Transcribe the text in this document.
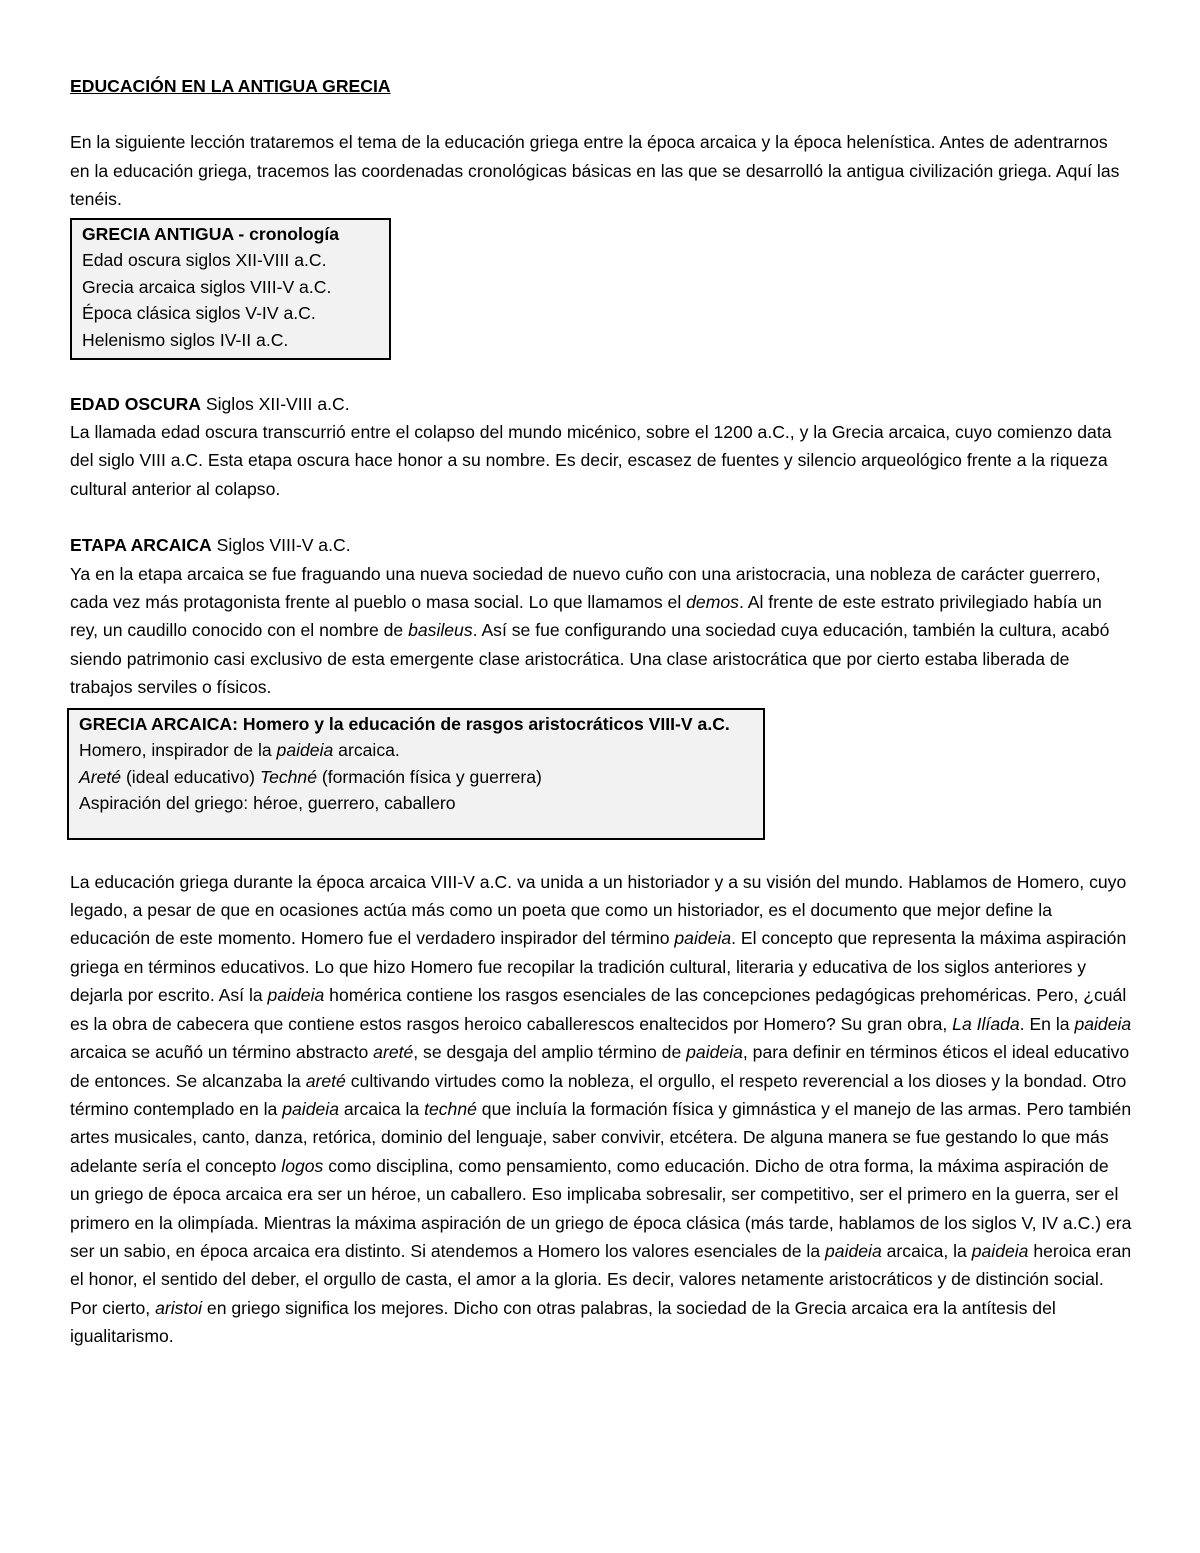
EDUCACIÓN EN LA ANTIGUA GRECIA

En la siguiente lección trataremos el tema de la educación griega entre la época arcaica y la época helenística. Antes de adentrarnos en la educación griega, tracemos las coordenadas cronológicas básicas en las que se desarrolló la antigua civilización griega. Aquí las tenéis.

GRECIA ANTIGUA - cronología
Edad oscura siglos XII-VIII a.C.
Grecia arcaica siglos VIII-V a.C.
Época clásica siglos V-IV a.C.
Helenismo siglos IV-II a.C.
EDAD OSCURA Siglos XII-VIII a.C.

La llamada edad oscura transcurrió entre el colapso del mundo micénico, sobre el 1200 a.C., y la Grecia arcaica, cuyo comienzo data del siglo VIII a.C. Esta etapa oscura hace honor a su nombre. Es decir, escasez de fuentes y silencio arqueológico frente a la riqueza cultural anterior al colapso.

ETAPA ARCAICA Siglos VIII-V a.C.

Ya en la etapa arcaica se fue fraguando una nueva sociedad de nuevo cuño con una aristocracia, una nobleza de carácter guerrero, cada vez más protagonista frente al pueblo o masa social. Lo que llamamos el demos. Al frente de este estrato privilegiado había un rey, un caudillo conocido con el nombre de basileus. Así se fue configurando una sociedad cuya educación, también la cultura, acabó siendo patrimonio casi exclusivo de esta emergente clase aristocrática. Una clase aristocrática que por cierto estaba liberada de trabajos serviles o físicos.

GRECIA ARCAICA: Homero y la educación de rasgos aristocráticos VIII-V a.C.
Homero, inspirador de la paideia arcaica.
Areté (ideal educativo) Techné (formación física y guerrera)
Aspiración del griego: héroe, guerrero, caballero

La educación griega durante la época arcaica VIII-V a.C. va unida a un historiador y a su visión del mundo. Hablamos de Homero, cuyo legado, a pesar de que en ocasiones actúa más como un poeta que como un historiador, es el documento que mejor define la educación de este momento. Homero fue el verdadero inspirador del término paideia. El concepto que representa la máxima aspiración griega en términos educativos. Lo que hizo Homero fue recopilar la tradición cultural, literaria y educativa de los siglos anteriores y dejarla por escrito. Así la paideia homérica contiene los rasgos esenciales de las concepciones pedagógicas prehoméricas. Pero, ¿cuál es la obra de cabecera que contiene estos rasgos heroico caballerescos enaltecidos por Homero? Su gran obra, La Ilíada. En la paideia arcaica se acuñó un término abstracto areté, se desgaja del amplio término de paideia, para definir en términos éticos el ideal educativo de entonces. Se alcanzaba la areté cultivando virtudes como la nobleza, el orgullo, el respeto reverencial a los dioses y la bondad. Otro término contemplado en la paideia arcaica la techné que incluía la formación física y gimnástica y el manejo de las armas. Pero también artes musicales, canto, danza, retórica, dominio del lenguaje, saber convivir, etcétera. De alguna manera se fue gestando lo que más adelante sería el concepto logos como disciplina, como pensamiento, como educación. Dicho de otra forma, la máxima aspiración de un griego de época arcaica era ser un héroe, un caballero. Eso implicaba sobresalir, ser competitivo, ser el primero en la guerra, ser el primero en la olimpíada. Mientras la máxima aspiración de un griego de época clásica (más tarde, hablamos de los siglos V, IV a.C.) era ser un sabio, en época arcaica era distinto. Si atendemos a Homero los valores esenciales de la paideia arcaica, la paideia heroica eran el honor, el sentido del deber, el orgullo de casta, el amor a la gloria. Es decir, valores netamente aristocráticos y de distinción social. Por cierto, aristoi en griego significa los mejores. Dicho con otras palabras, la sociedad de la Grecia arcaica era la antítesis del igualitarismo.
